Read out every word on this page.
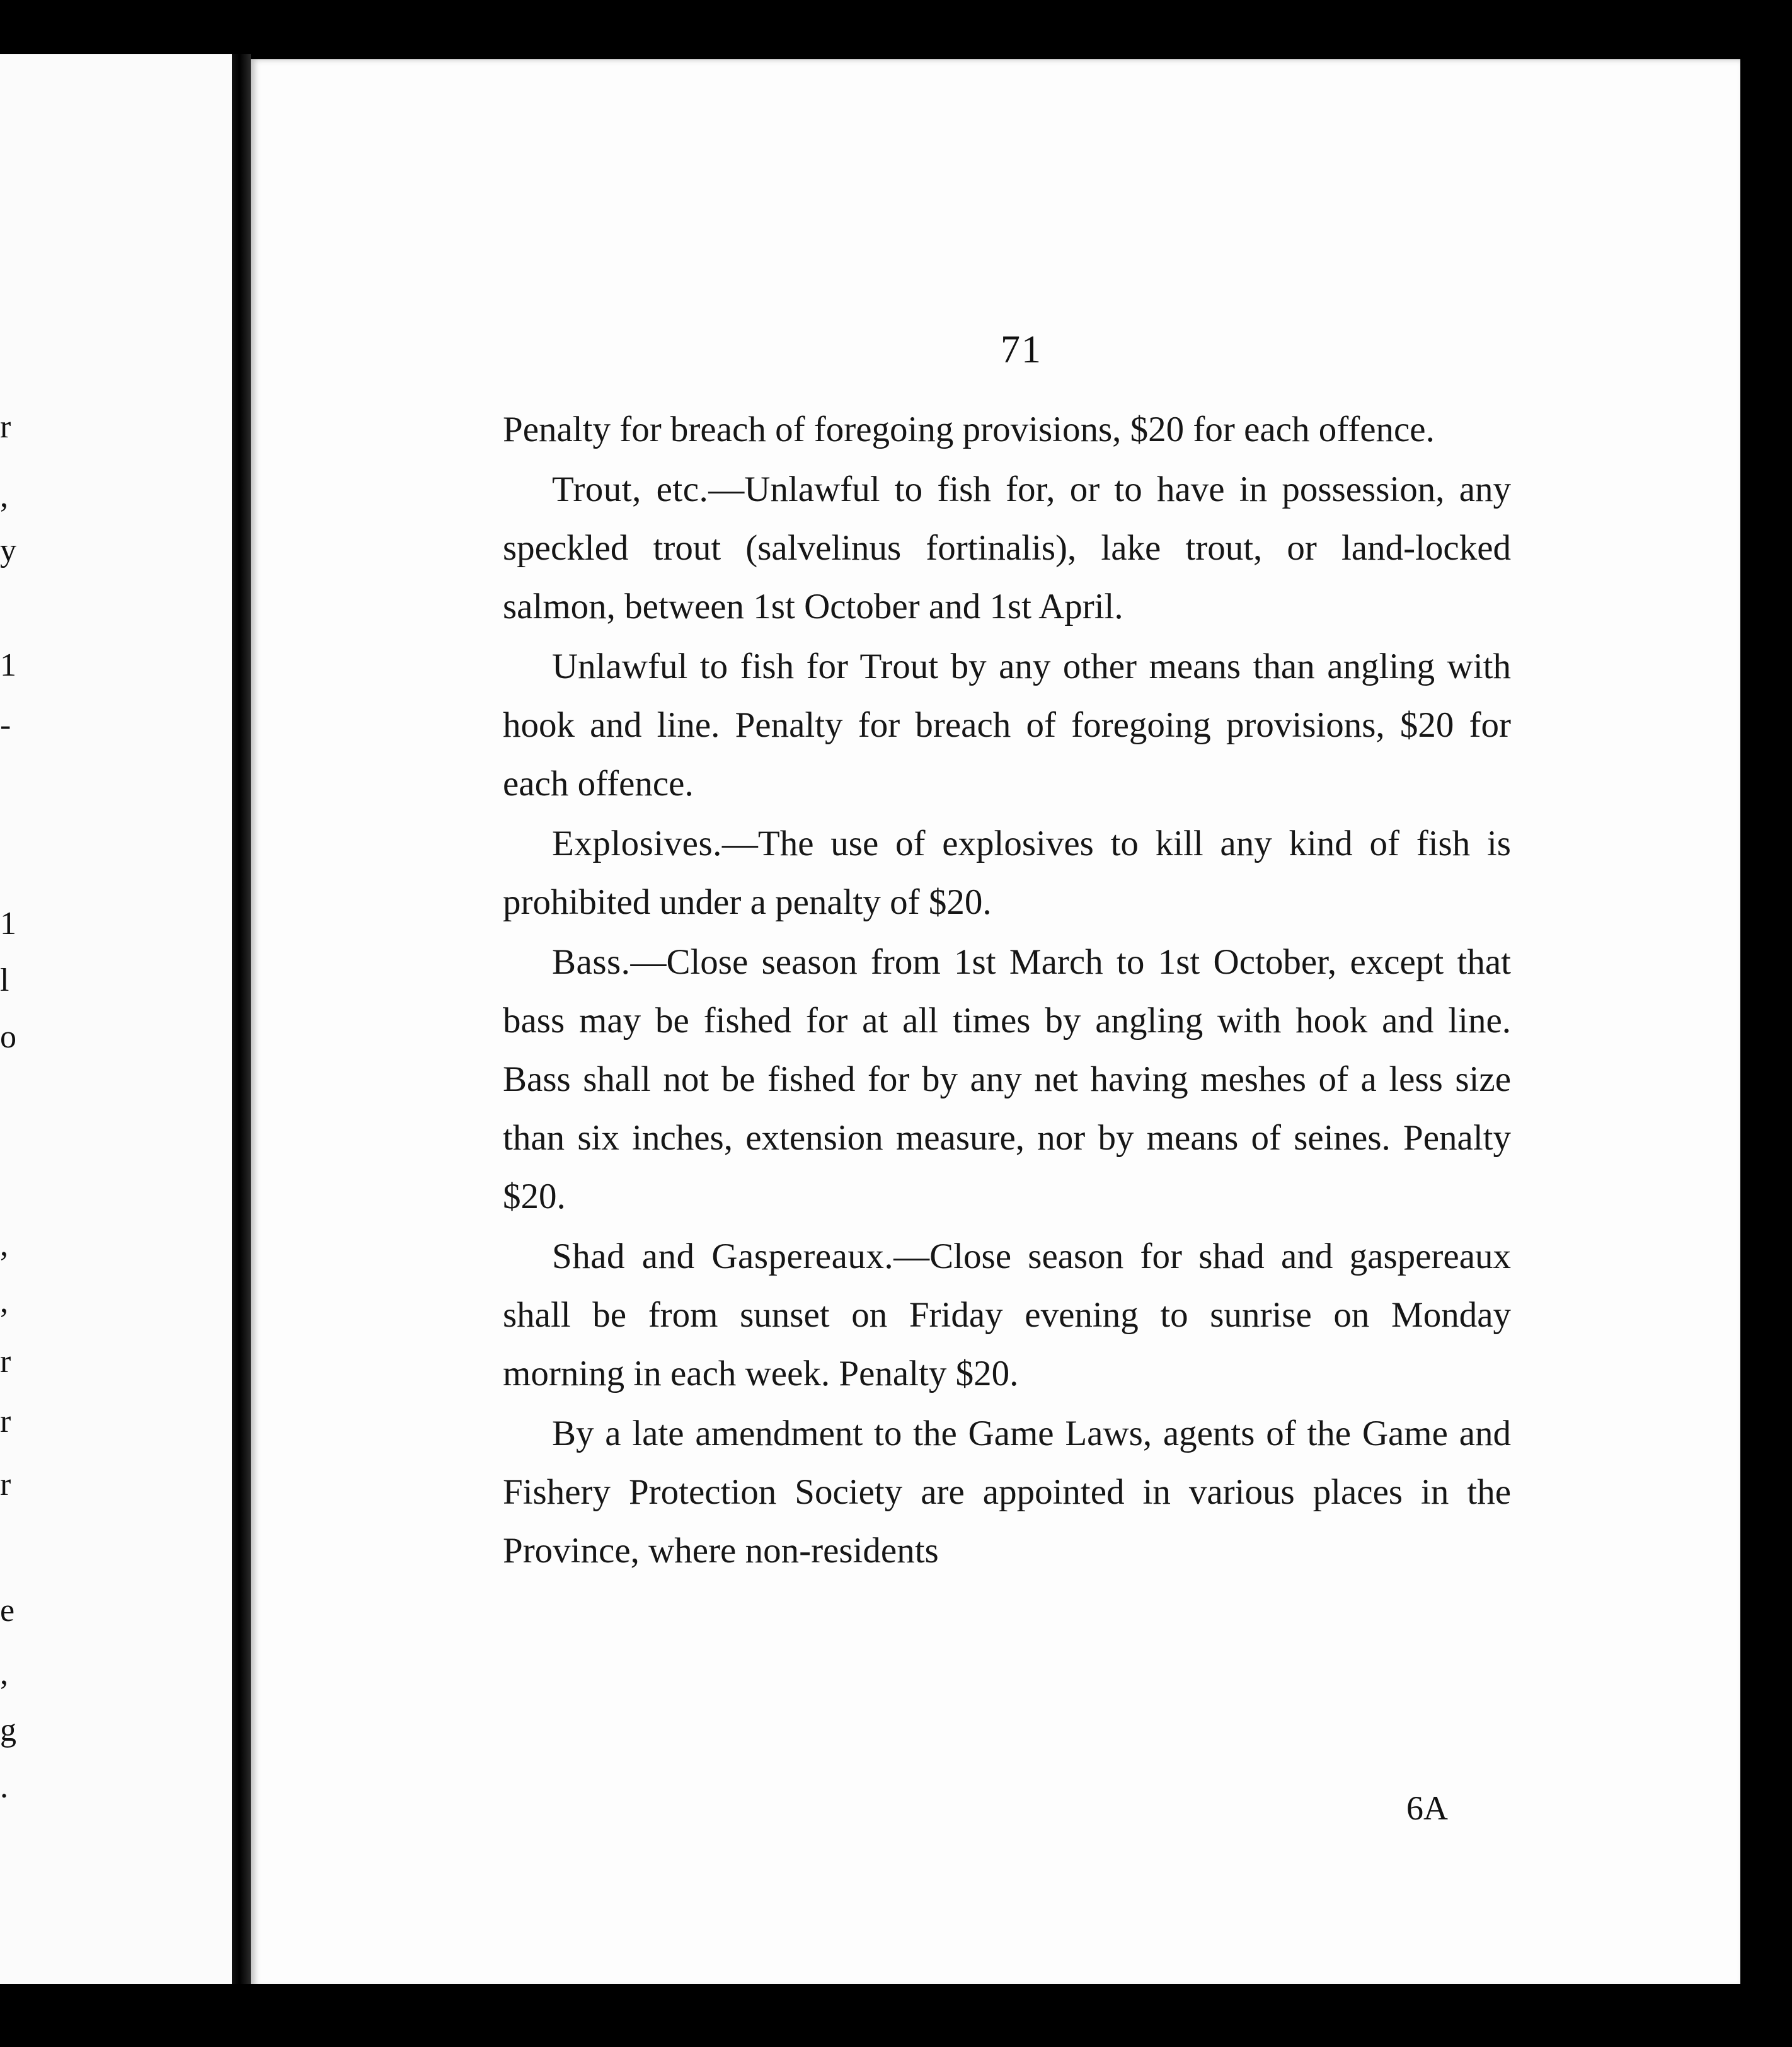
r
,
y
1
-
1
l
o
,
,
r
r
r
e
,
g
.
71

Penalty for breach of foregoing provisions, $20 for each offence.

Trout, etc.—Unlawful to fish for, or to have in possession, any speckled trout (salvelinus fortinalis), lake trout, or land-locked salmon, between 1st October and 1st April.

Unlawful to fish for Trout by any other means than angling with hook and line. Penalty for breach of foregoing provisions, $20 for each offence.

Explosives.—The use of explosives to kill any kind of fish is prohibited under a penalty of $20.

Bass.—Close season from 1st March to 1st October, except that bass may be fished for at all times by angling with hook and line. Bass shall not be fished for by any net having meshes of a less size than six inches, extension measure, nor by means of seines. Penalty $20.

Shad and Gaspereaux.—Close season for shad and gaspereaux shall be from sunset on Friday evening to sunrise on Monday morning in each week. Penalty $20.

By a late amendment to the Game Laws, agents of the Game and Fishery Protection Society are appointed in various places in the Province, where non-residents

6A
